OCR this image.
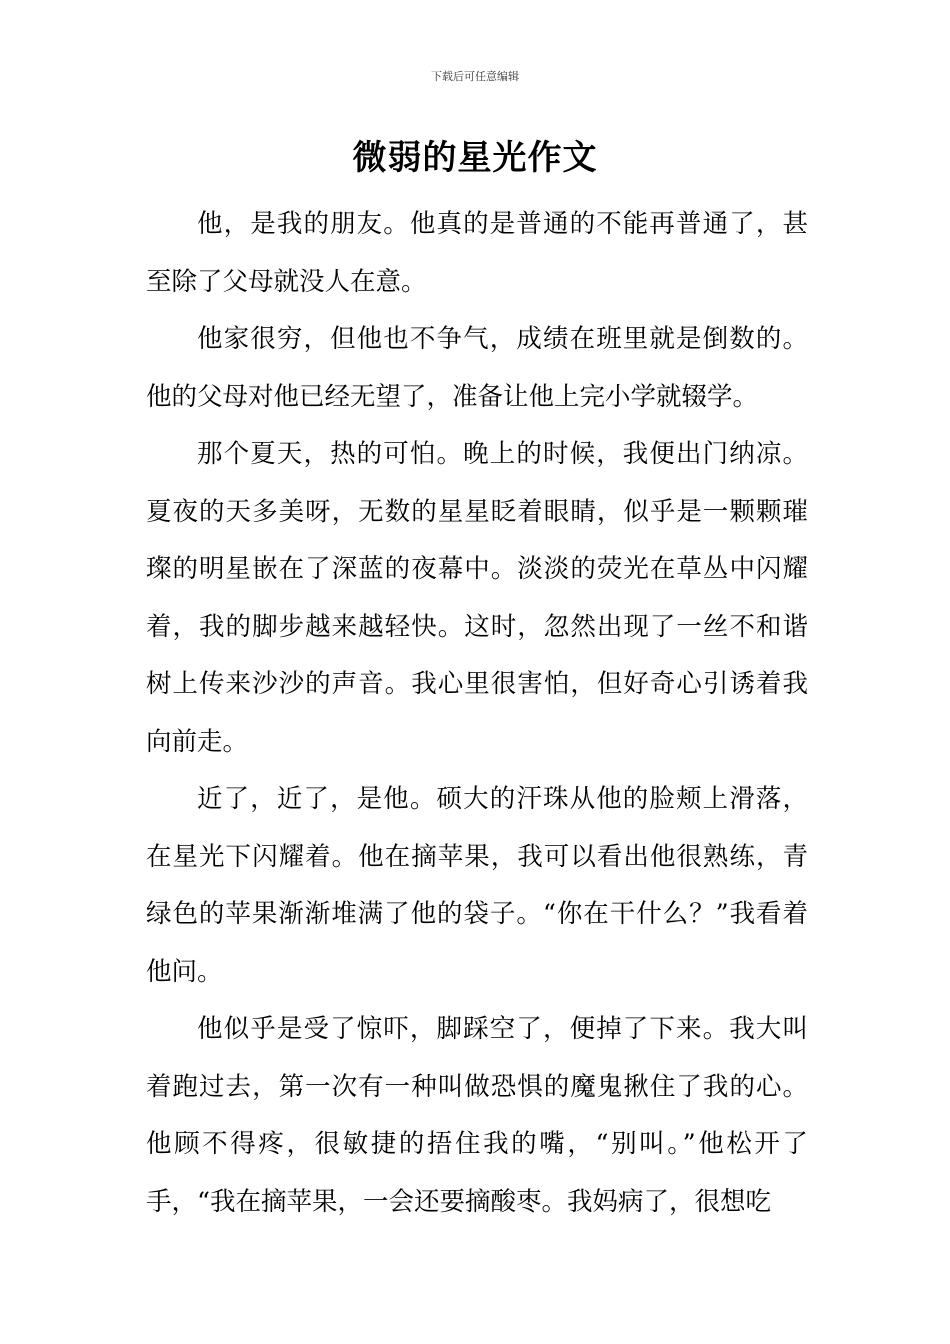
下载后可任意编辑
微弱的星光作文

他，是我的朋友。他真的是普通的不能再普通了，甚至除了父母就没人在意。

他家很穷，但他也不争气，成绩在班里就是倒数的。他的父母对他已经无望了，准备让他上完小学就辍学。

那个夏天，热的可怕。晚上的时候，我便出门纳凉。夏夜的天多美呀，无数的星星眨着眼睛，似乎是一颗颗璀璨的明星嵌在了深蓝的夜幕中。淡淡的荧光在草丛中闪耀着，我的脚步越来越轻快。这时，忽然出现了一丝不和谐树上传来沙沙的声音。我心里很害怕，但好奇心引诱着我向前走。

近了，近了，是他。硕大的汗珠从他的脸颊上滑落，在星光下闪耀着。他在摘苹果，我可以看出他很熟练，青绿色的苹果渐渐堆满了他的袋子。“你在干什么？”我看着他问。

他似乎是受了惊吓，脚踩空了，便掉了下来。我大叫着跑过去，第一次有一种叫做恐惧的魔鬼揪住了我的心。他顾不得疼，很敏捷的捂住我的嘴，“别叫。”他松开了手，“我在摘苹果，一会还要摘酸枣。我妈病了，很想吃
